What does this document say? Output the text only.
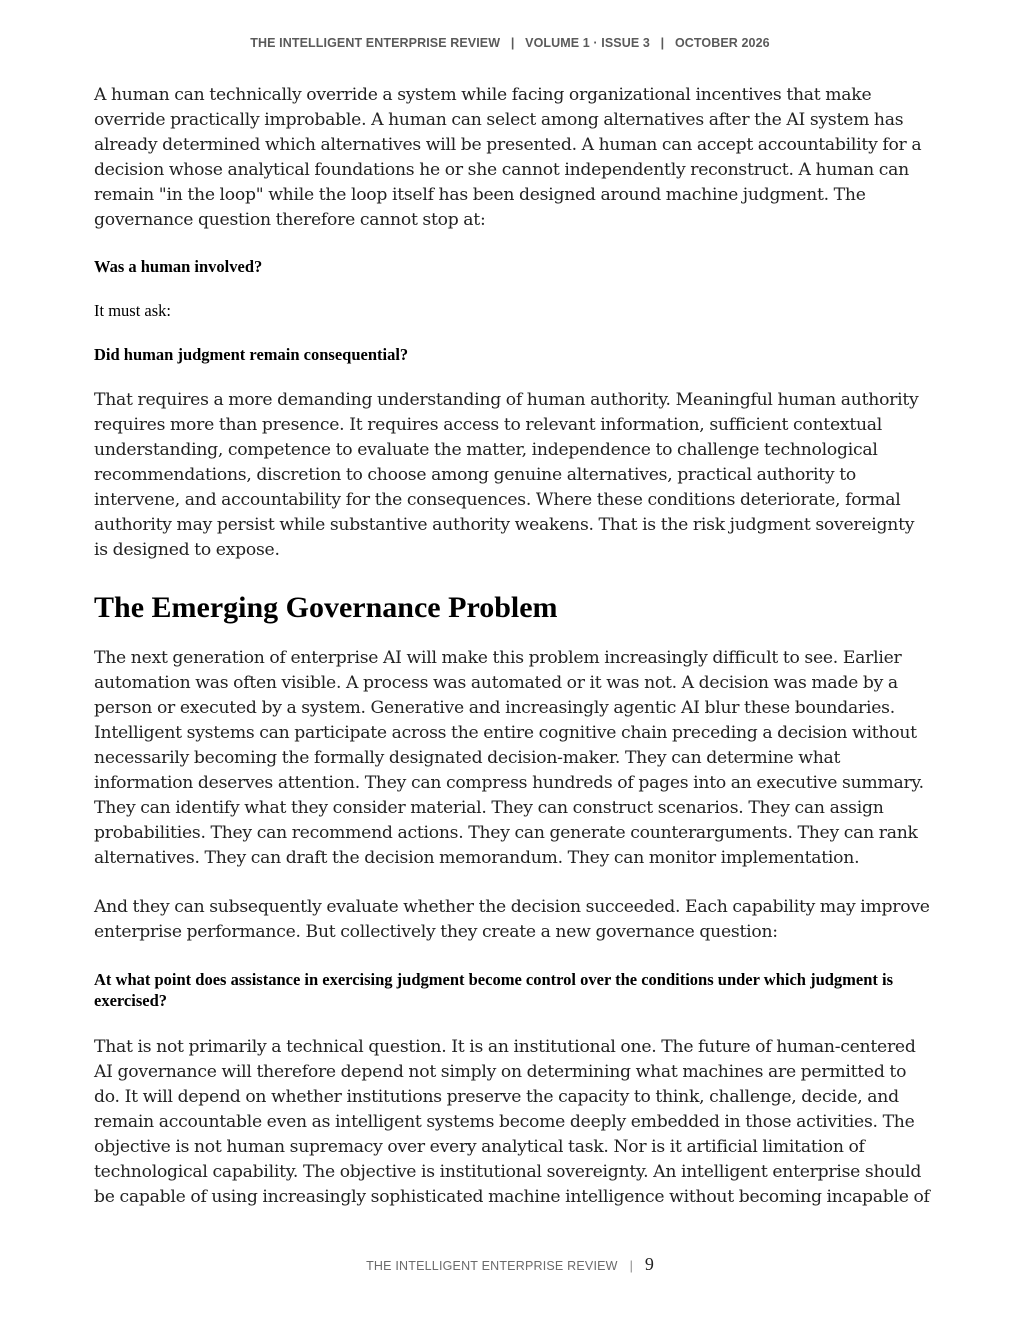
THE INTELLIGENT ENTERPRISE REVIEW   |   VOLUME 1 · ISSUE 3   |   OCTOBER 2026

A human can technically override a system while facing organizational incentives that make override practically improbable. A human can select among alternatives after the AI system has already determined which alternatives will be presented. A human can accept accountability for a decision whose analytical foundations he or she cannot independently reconstruct. A human can remain "in the loop" while the loop itself has been designed around machine judgment. The governance question therefore cannot stop at:

Was a human involved?

It must ask:

Did human judgment remain consequential?

That requires a more demanding understanding of human authority. Meaningful human authority requires more than presence. It requires access to relevant information, sufficient contextual understanding, competence to evaluate the matter, independence to challenge technological recommendations, discretion to choose among genuine alternatives, practical authority to intervene, and accountability for the consequences. Where these conditions deteriorate, formal authority may persist while substantive authority weakens. That is the risk judgment sovereignty is designed to expose.

The Emerging Governance Problem

The next generation of enterprise AI will make this problem increasingly difficult to see. Earlier automation was often visible. A process was automated or it was not. A decision was made by a person or executed by a system. Generative and increasingly agentic AI blur these boundaries. Intelligent systems can participate across the entire cognitive chain preceding a decision without necessarily becoming the formally designated decision-maker. They can determine what information deserves attention. They can compress hundreds of pages into an executive summary. They can identify what they consider material. They can construct scenarios. They can assign probabilities. They can recommend actions. They can generate counterarguments. They can rank alternatives. They can draft the decision memorandum. They can monitor implementation.

And they can subsequently evaluate whether the decision succeeded. Each capability may improve enterprise performance. But collectively they create a new governance question:

At what point does assistance in exercising judgment become control over the conditions under which judgment is exercised?

That is not primarily a technical question. It is an institutional one. The future of human-centered AI governance will therefore depend not simply on determining what machines are permitted to do. It will depend on whether institutions preserve the capacity to think, challenge, decide, and remain accountable even as intelligent systems become deeply embedded in those activities. The objective is not human supremacy over every analytical task. Nor is it artificial limitation of technological capability. The objective is institutional sovereignty. An intelligent enterprise should be capable of using increasingly sophisticated machine intelligence without becoming incapable of

THE INTELLIGENT ENTERPRISE REVIEW | 9
